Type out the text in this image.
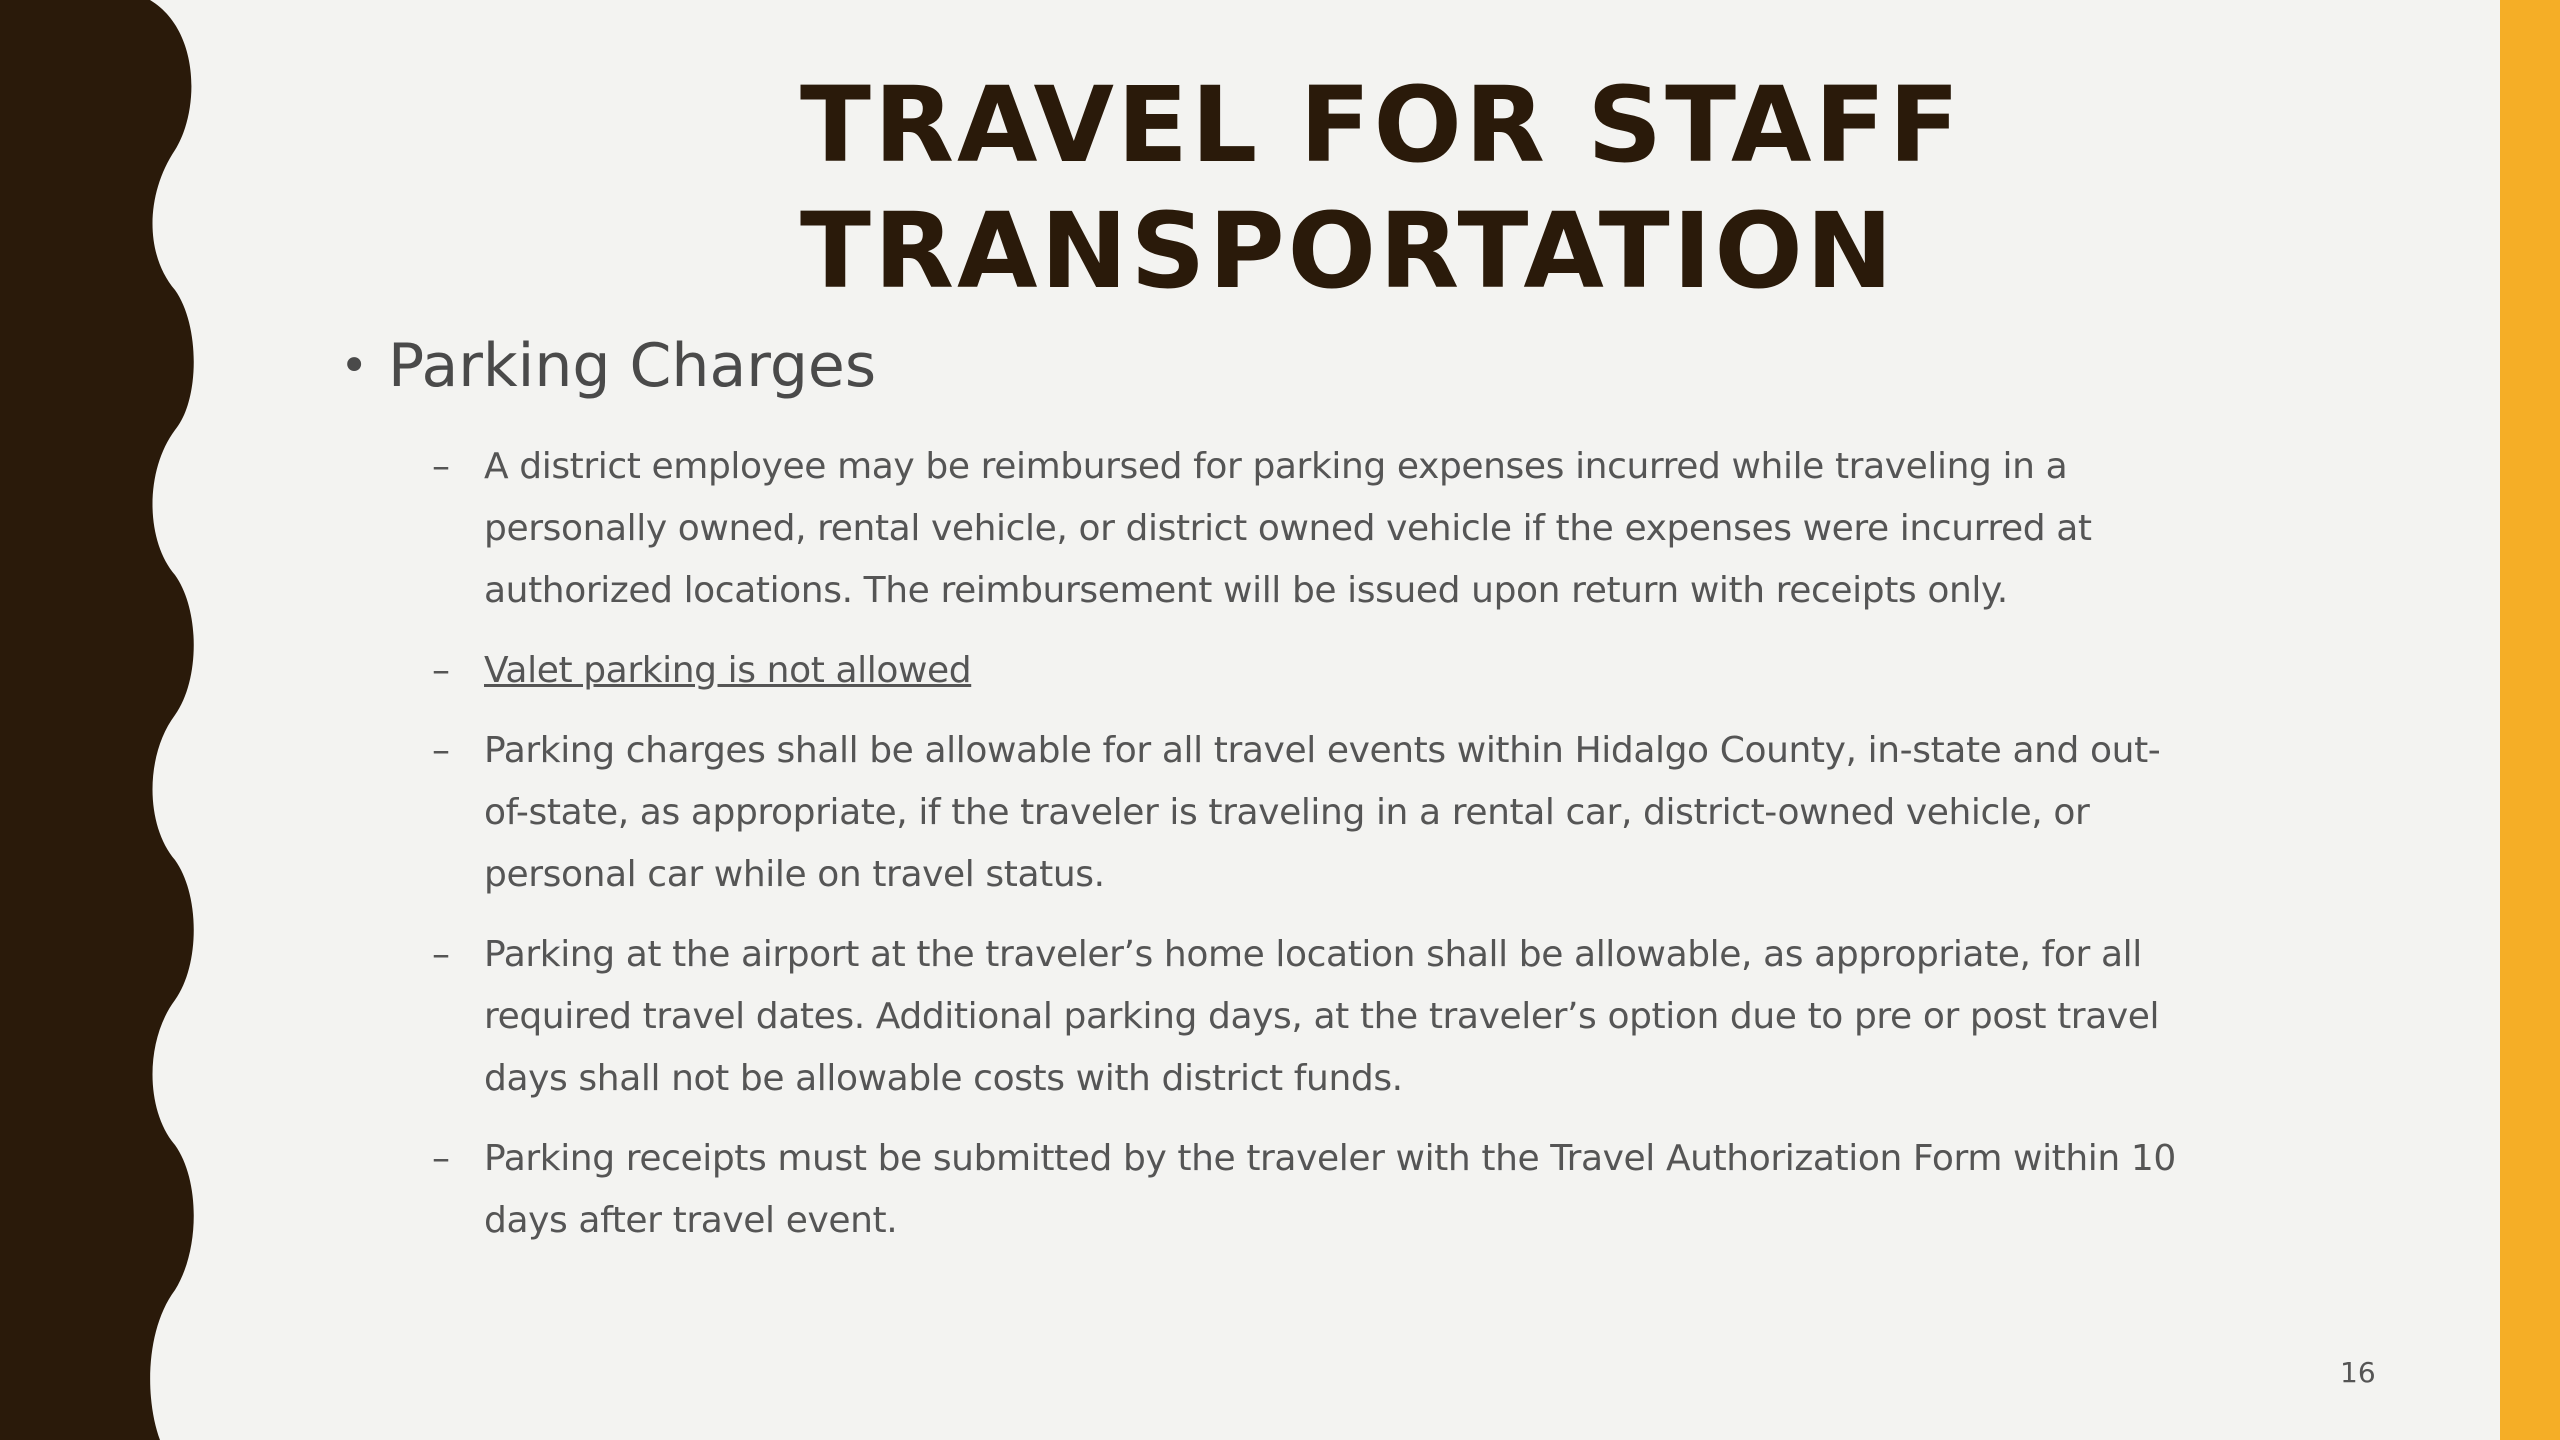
TRAVEL FOR STAFF
TRANSPORTATION
• Parking Charges
– A district employee may be reimbursed for parking expenses incurred while traveling in a personally owned, rental vehicle, or district owned vehicle if the expenses were incurred at authorized locations. The reimbursement will be issued upon return with receipts only.
– Valet parking is not allowed
– Parking charges shall be allowable for all travel events within Hidalgo County, in-state and out-of-state, as appropriate, if the traveler is traveling in a rental car, district-owned vehicle, or personal car while on travel status.
– Parking at the airport at the traveler’s home location shall be allowable, as appropriate, for all required travel dates. Additional parking days, at the traveler’s option due to pre or post travel days shall not be allowable costs with district funds.
– Parking receipts must be submitted by the traveler with the Travel Authorization Form within 10 days after travel event.
16
